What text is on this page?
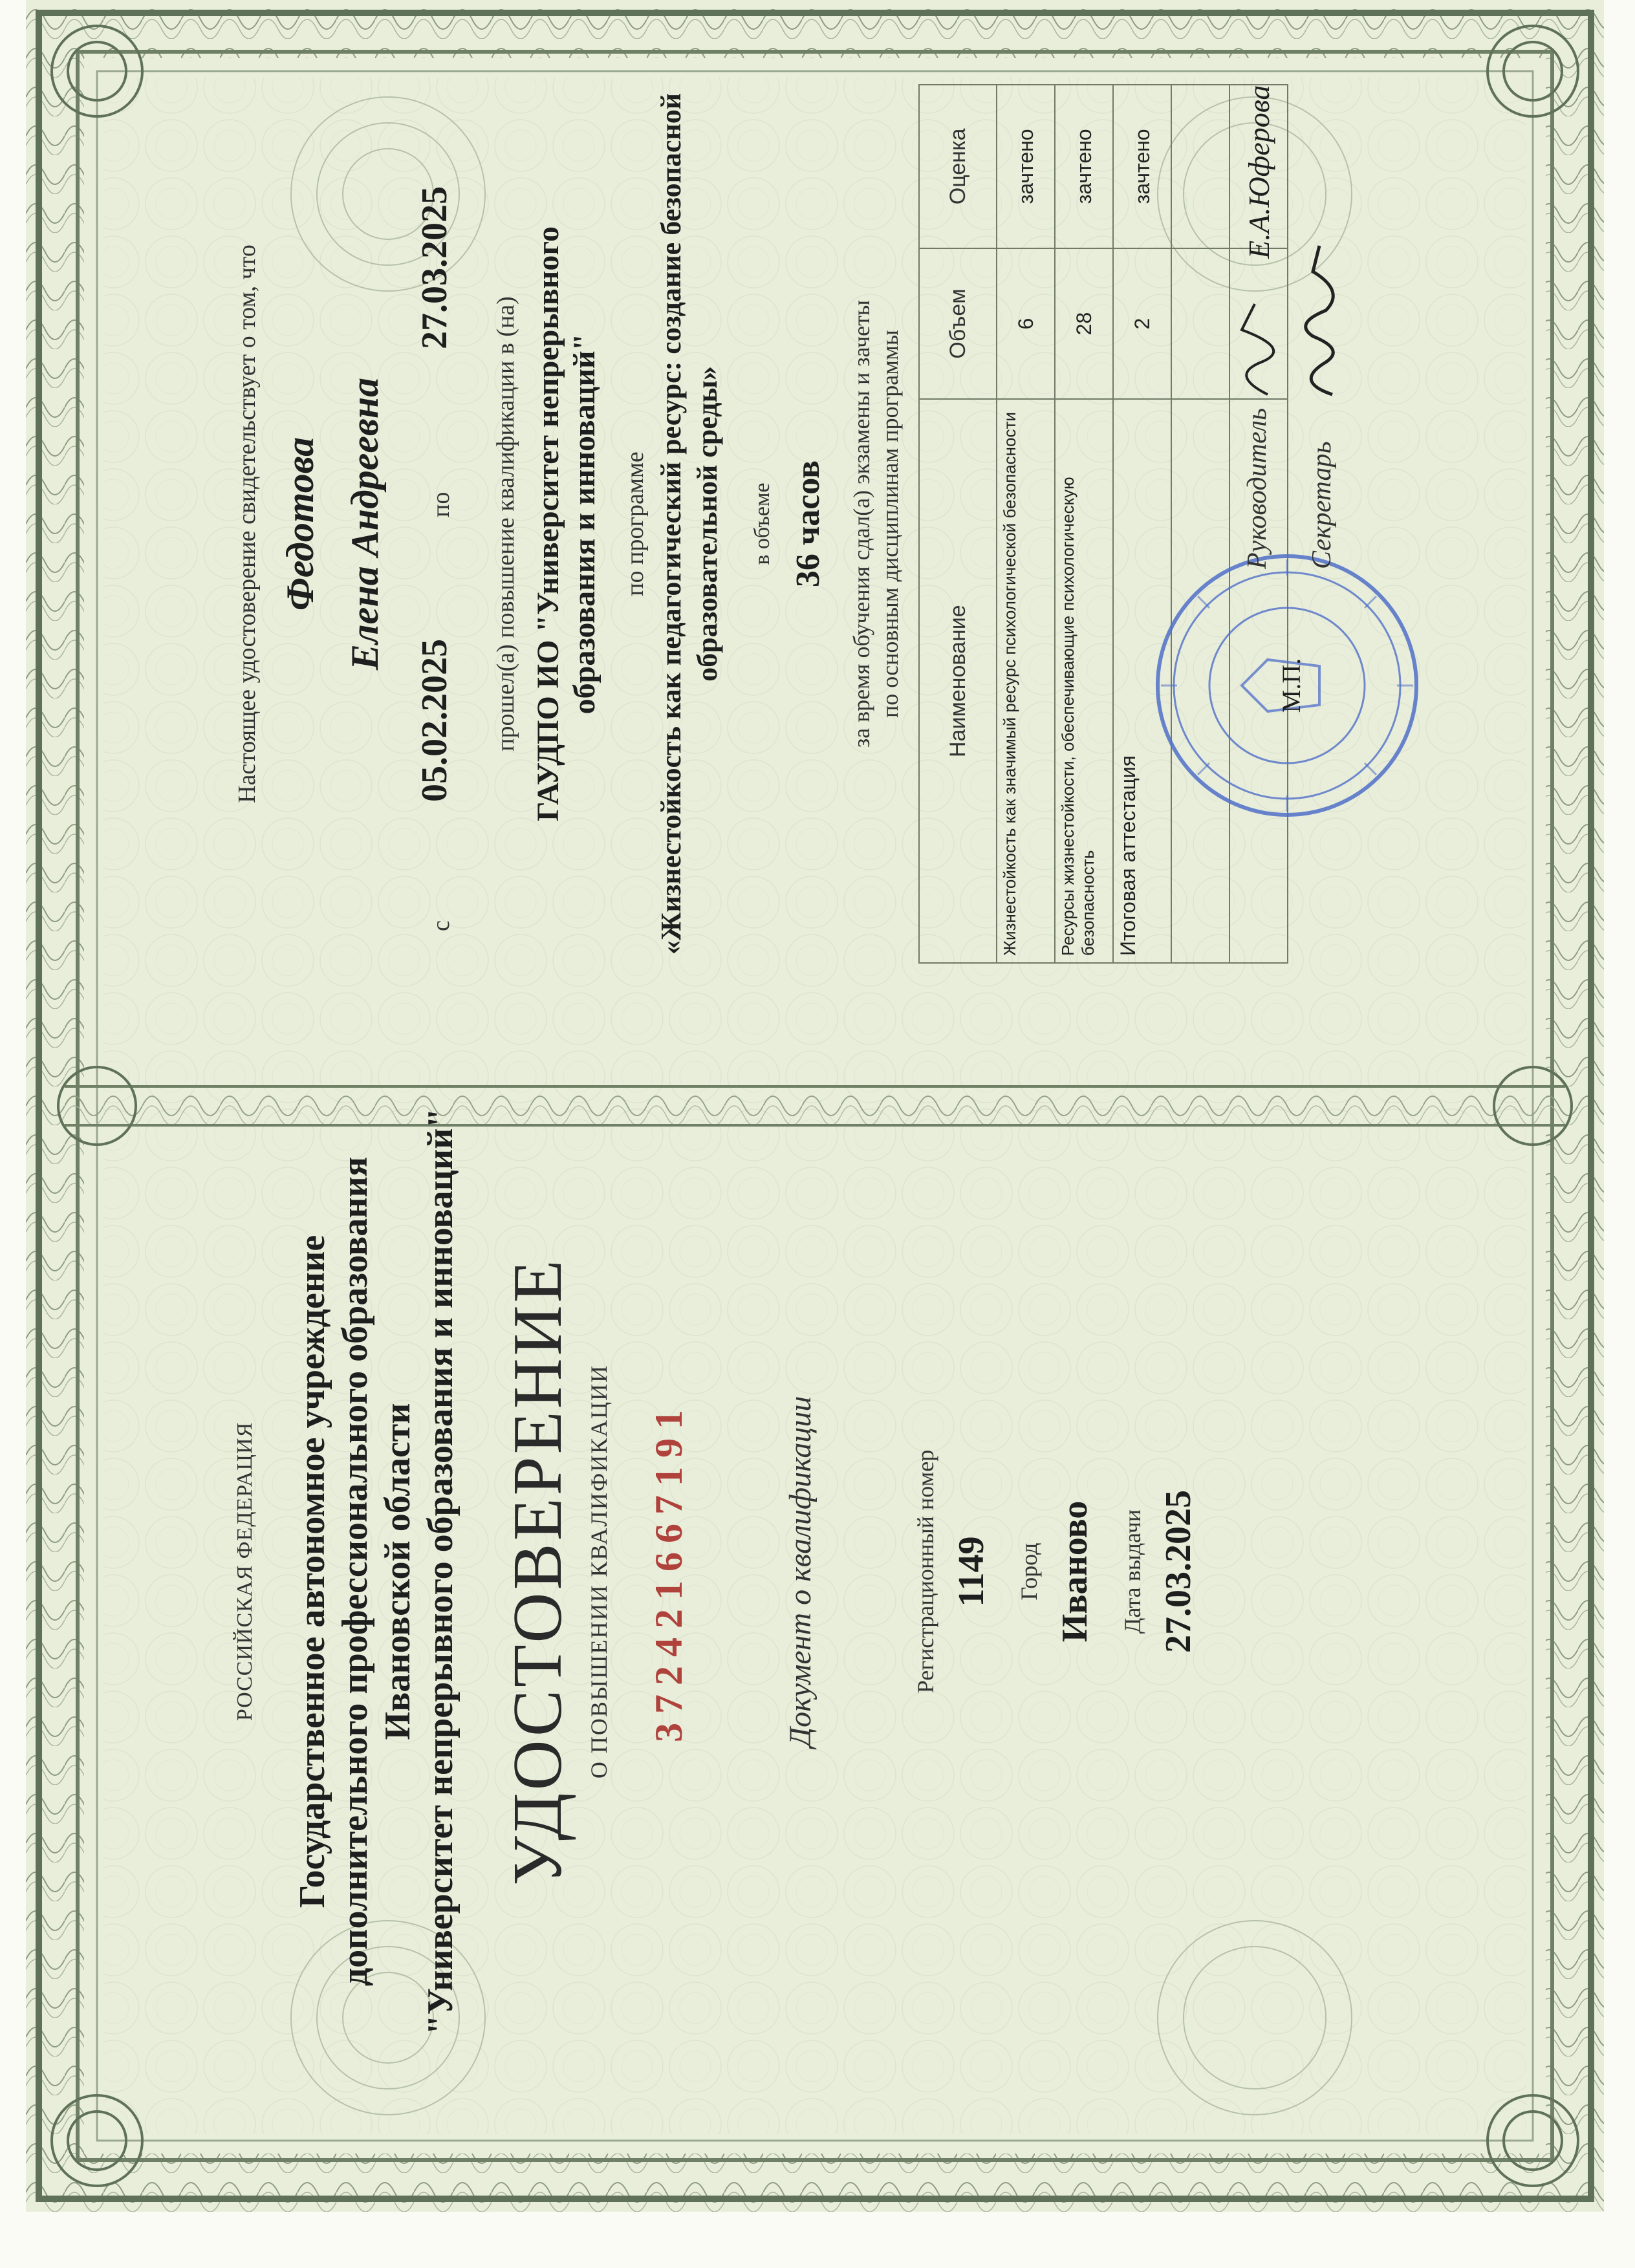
РОССИЙСКАЯ ФЕДЕРАЦИЯ Государственное автономное учреждение дополнительного профессионального образования Ивановской области "Университет непрерывного образования и инноваций" УДОСТОВЕРЕНИЕ О ПОВЫШЕНИИ КВАЛИФИКАЦИИ 372421667191	Документ о квалификации	Регистрационный номер 1149 Город Иваново Дата выдачи 27.03.2025
Настоящее удостоверение свидетельствует о том, что Федотова Елена Андреевна
с
05.02.2025
по
27.03.2025
прошел(а) повышение квалификации в (на) ГАУДПО ИО "Университет непрерывного образования и инноваций" по программе «Жизнестойкость как педагогический ресурс: создание безопасной образовательной среды» в объеме 36 часов за время обучения сдал(а) экзамены и зачеты по основным дисциплинам программы Наименование	Объем	Оценка
Жизнестойкость как значимый ресурс психологической безопасности	6	зачтено
Ресурсы жизнестойкости, обеспечивающие психологическую безопасность	28	зачтено
Итоговая аттестация	2	зачтено

М.П.
Руководитель
Е.А.Юферова
Секретарь
